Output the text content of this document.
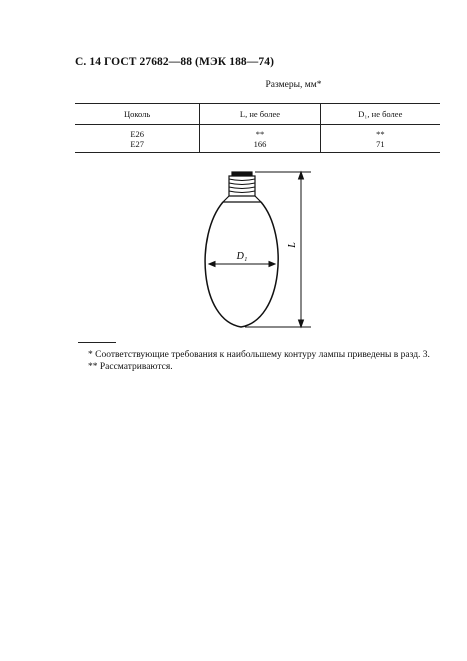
С. 14 ГОСТ 27682—88 (МЭК 188—74)
Размеры, мм*
Цоколь	L, не более	D₁, не более
E26	**	**
E27	166	71
D₁
L
* Соответствующие требования к наибольшему контуру лампы приведены в разд. 3.
** Рассматриваются.
